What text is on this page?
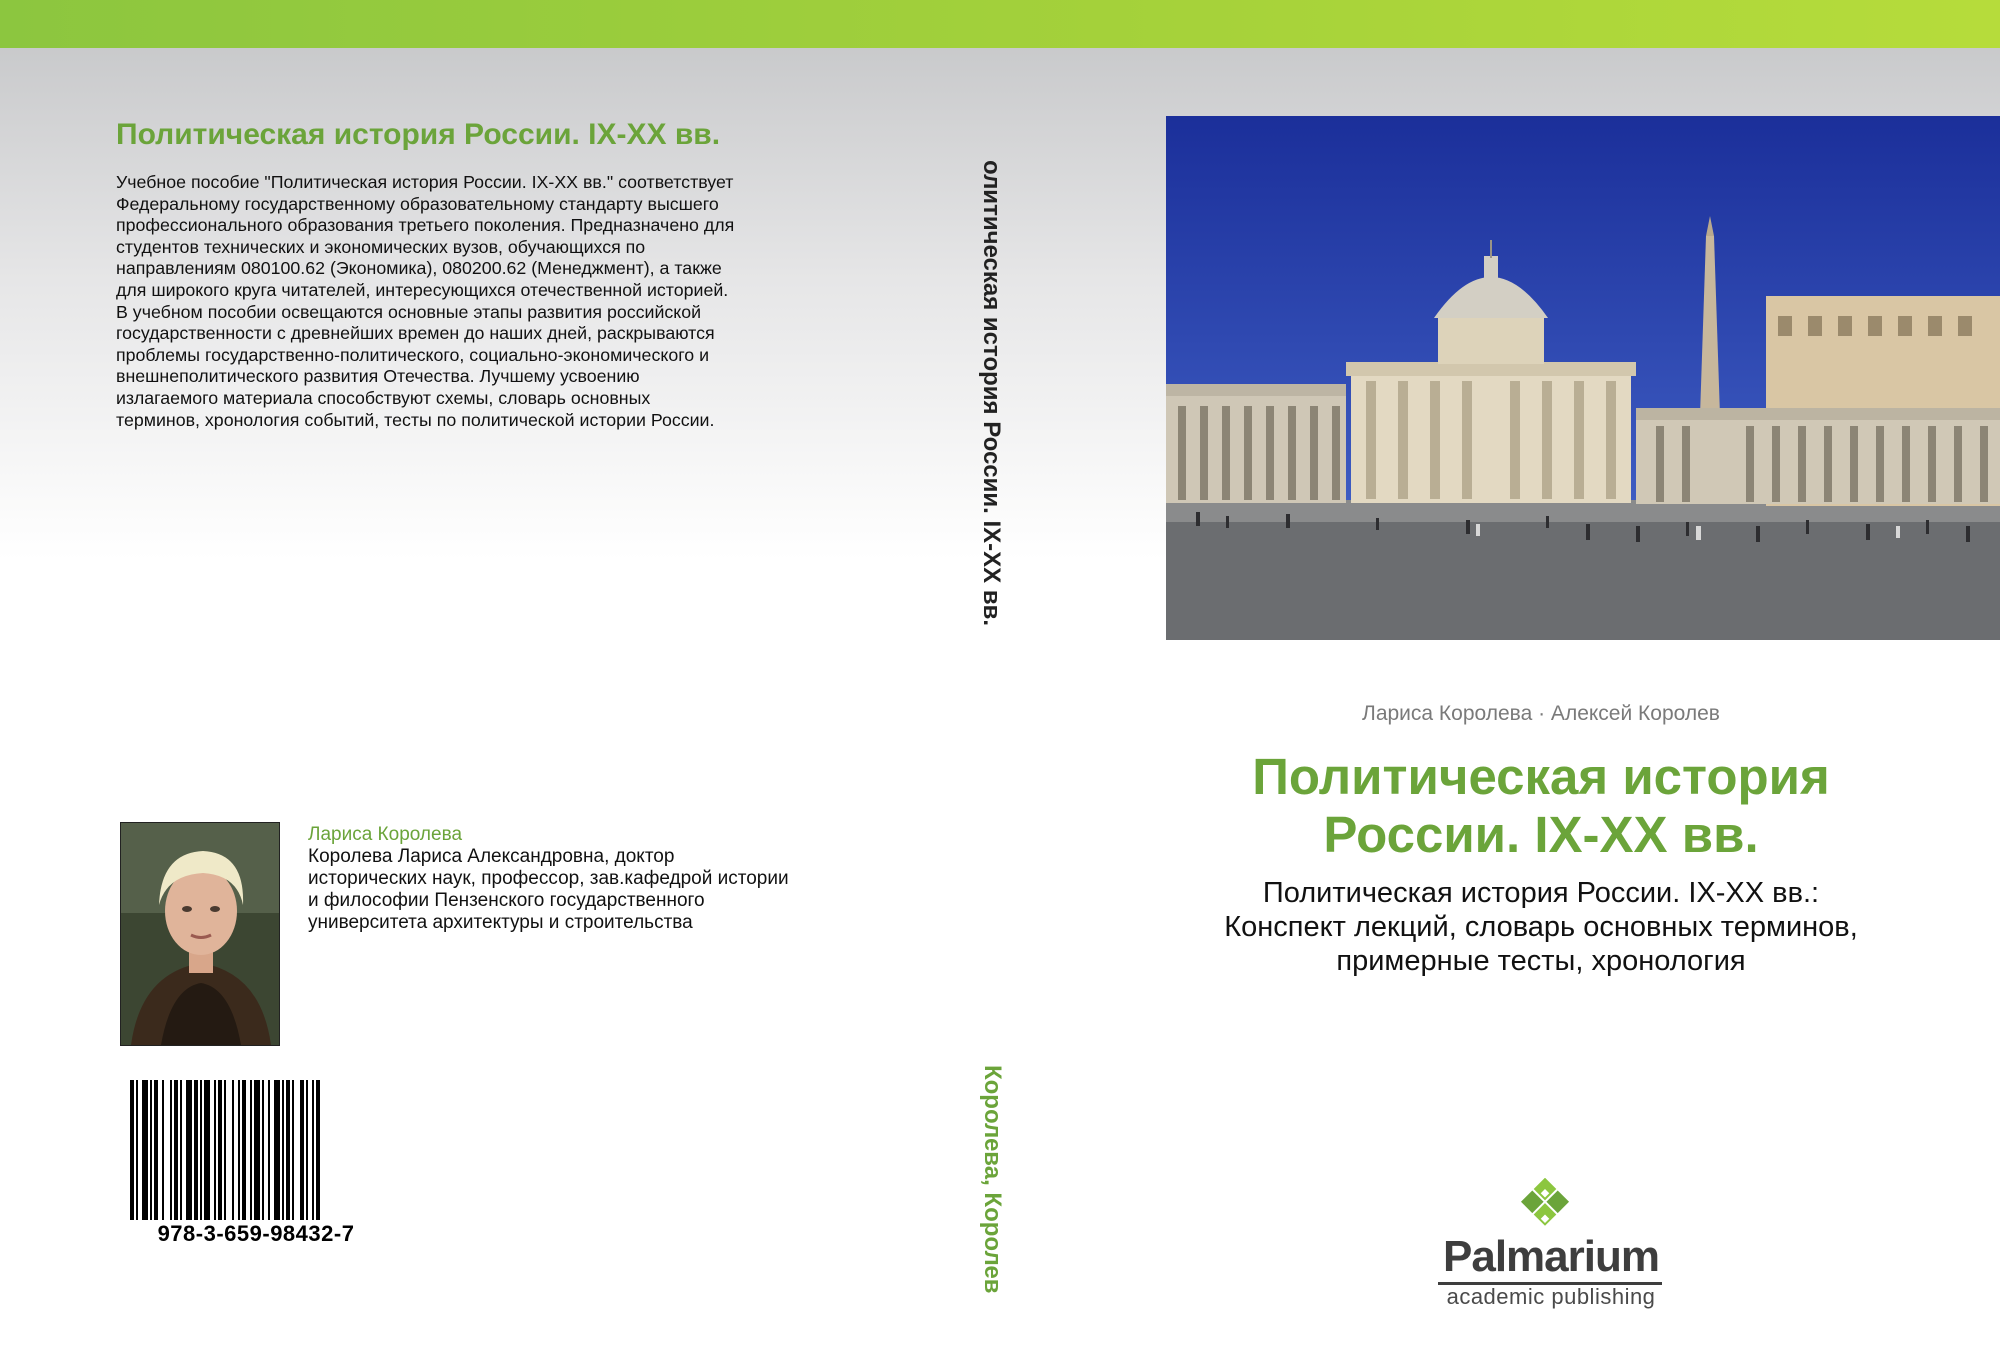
Политическая история России. IX-XX вв.
Учебное пособие "Политическая история России. IX-XX вв." соответствует
Федеральному государственному образовательному стандарту высшего
профессионального образования третьего поколения. Предназначено для
студентов технических и экономических вузов, обучающихся по
направлениям 080100.62 (Экономика), 080200.62 (Менеджмент), а также
для широкого круга читателей, интересующихся отечественной историей.
В учебном пособии освещаются основные этапы развития российской
государственности с древнейших времен до наших дней, раскрываются
проблемы государственно-политического, социально-экономического и
внешнеполитического развития Отечества. Лучшему усвоению
излагаемого материала способствуют схемы, словарь основных
терминов, хронология событий, тесты по политической истории России.
Лариса Королева
Королева Лариса Александровна, доктор
исторических наук, профессор, зав.кафедрой истории
и философии Пензенского государственного
университета архитектуры и строительства
978-3-659-98432-7
олитическая история России. IX-XX вв.
Королева, Королев
Лариса Королева · Алексей Королев
Политическая история
России. IX-XX вв.
Политическая история России. IX-XX вв.:
Конспект лекций, словарь основных терминов,
примерные тесты, хронология
Palmarium
academic publishing
